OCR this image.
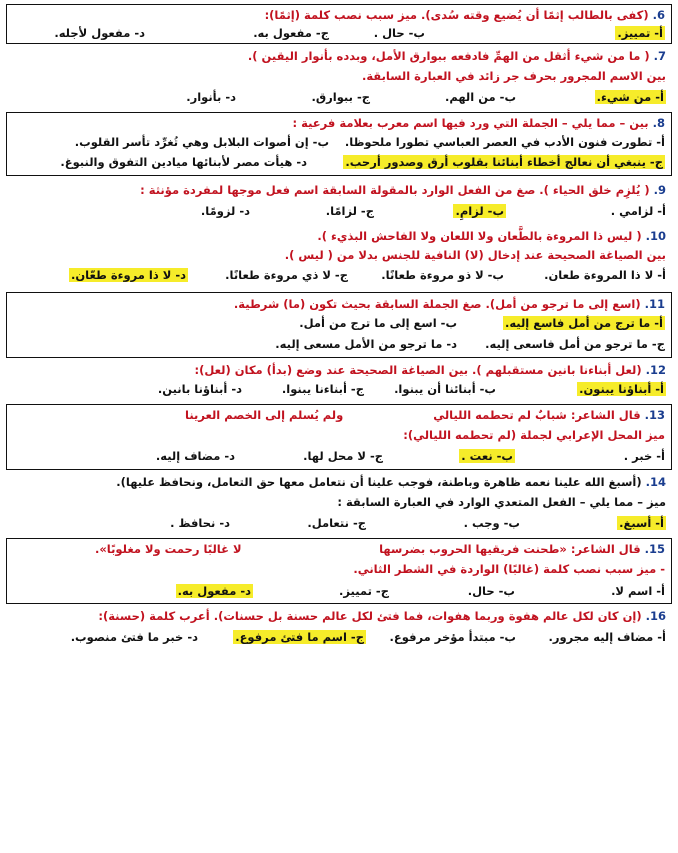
6. (كفى بالطالب إثمًا أن يُضيع وقته سُدى). ميز سبب نصب كلمة (إثمًا):
أ- تمييز.
ب- حال .
ج- مفعول به.
د- مفعول لأجله.
7. ( ما من شيء أثقل من الهمِّ فادفعه ببوارق الأمل، وبدده بأنوار اليقين ).
بين الاسم المجرور بحرف جر زائد في العبارة السابقة.
أ- من شيء.
ب- من الهم.
ج- ببوارق.
د- بأنوار.
8. بين – مما يلي – الجملة التي ورد فيها اسم معرب بعلامة فرعية :
أ- تطورت فنون الأدب في العصر العباسي تطورا ملحوظا.
ب- إن أصوات البلابل وهي تُغرِّد تأسر القلوب.
ج- ينبغي أن نعالج أخطاء أبنائنا بقلوب أرق وصدور أرحب.
د- هيأت مصر لأبنائها ميادين التفوق والنبوغ.
9. ( يُلزِم خلق الحياء ). صغ من الفعل الوارد بالمقولة السابقة اسم فعل موجها لمفردة مؤنثة :
أ- لزامي .
ب- لزامِ.
ج- لزامًا.
د- لزومًا.
10. ( ليس ذا المروءة بالطَّعان ولا اللعان ولا الفاحش البذيء ).
بين الصياغة الصحيحة عند إدخال (لا) النافية للجنس بدلا من ( ليس ).
أ- لا ذا المروءة طعان.
ب- لا ذو مروءة طعانًا.
ج- لا ذي مروءة طعانًا.
د- لا ذا مروءة طعّان.
11. (اسع إلى ما ترجو من أمل). صغ الجملة السابقة بحيث تكون (ما) شرطية.
أ- ما ترج من أمل فاسع إليه.
ب- اسع إلى ما ترج من أمل.
ج- ما ترجو من أمل فاسعى إليه.
د- ما ترجو من الأمل مسعى إليه.
12. (لعل أبناءنا بانين مستقبلهم ). بين الصياغة الصحيحة عند وضع (بدأ) مكان (لعل):
أ- أبناؤنا يبنون.
ب- أبنائنا أن يبنوا.
ج- أبناءنا يبنوا.
د- أبناؤنا بانين.
13. قال الشاعر: شبابٌ لم تحطمه الليالي
ولم يُسلم إلى الخصم العرينا
ميز المحل الإعرابي لجملة (لم تحطمه الليالي):
أ- خبر .
ب- نعت .
ج- لا محل لها.
د- مضاف إليه.
14. (أسبغ الله علينا نعمه ظاهرة وباطنة، فوجب علينا أن نتعامل معها حق التعامل، ونحافظ عليها).
ميز – مما يلي – الفعل المتعدي الوارد في العبارة السابقة :
أ- أسبغ.
ب- وجب .
ج- نتعامل.
د- نحافظ .
15. قال الشاعر: «طحنت فريقيها الحروب بضرسها
لا غالبًا رحمت ولا مغلوبًا».
- ميز سبب نصب كلمة (غالبًا) الواردة في الشطر الثاني.
أ- اسم لا.
ب- حال.
ج- تمييز.
د- مفعول به.
16. (إن كان لكل عالم هفوة وربما هفوات، فما فتئ لكل عالم حسنة بل حسنات). أعرب كلمة (حسنة):
أ- مضاف إليه مجرور.
ب- مبتدأ مؤخر مرفوع.
ج- اسم ما فتئ مرفوع.
د- خبر ما فتئ منصوب.
